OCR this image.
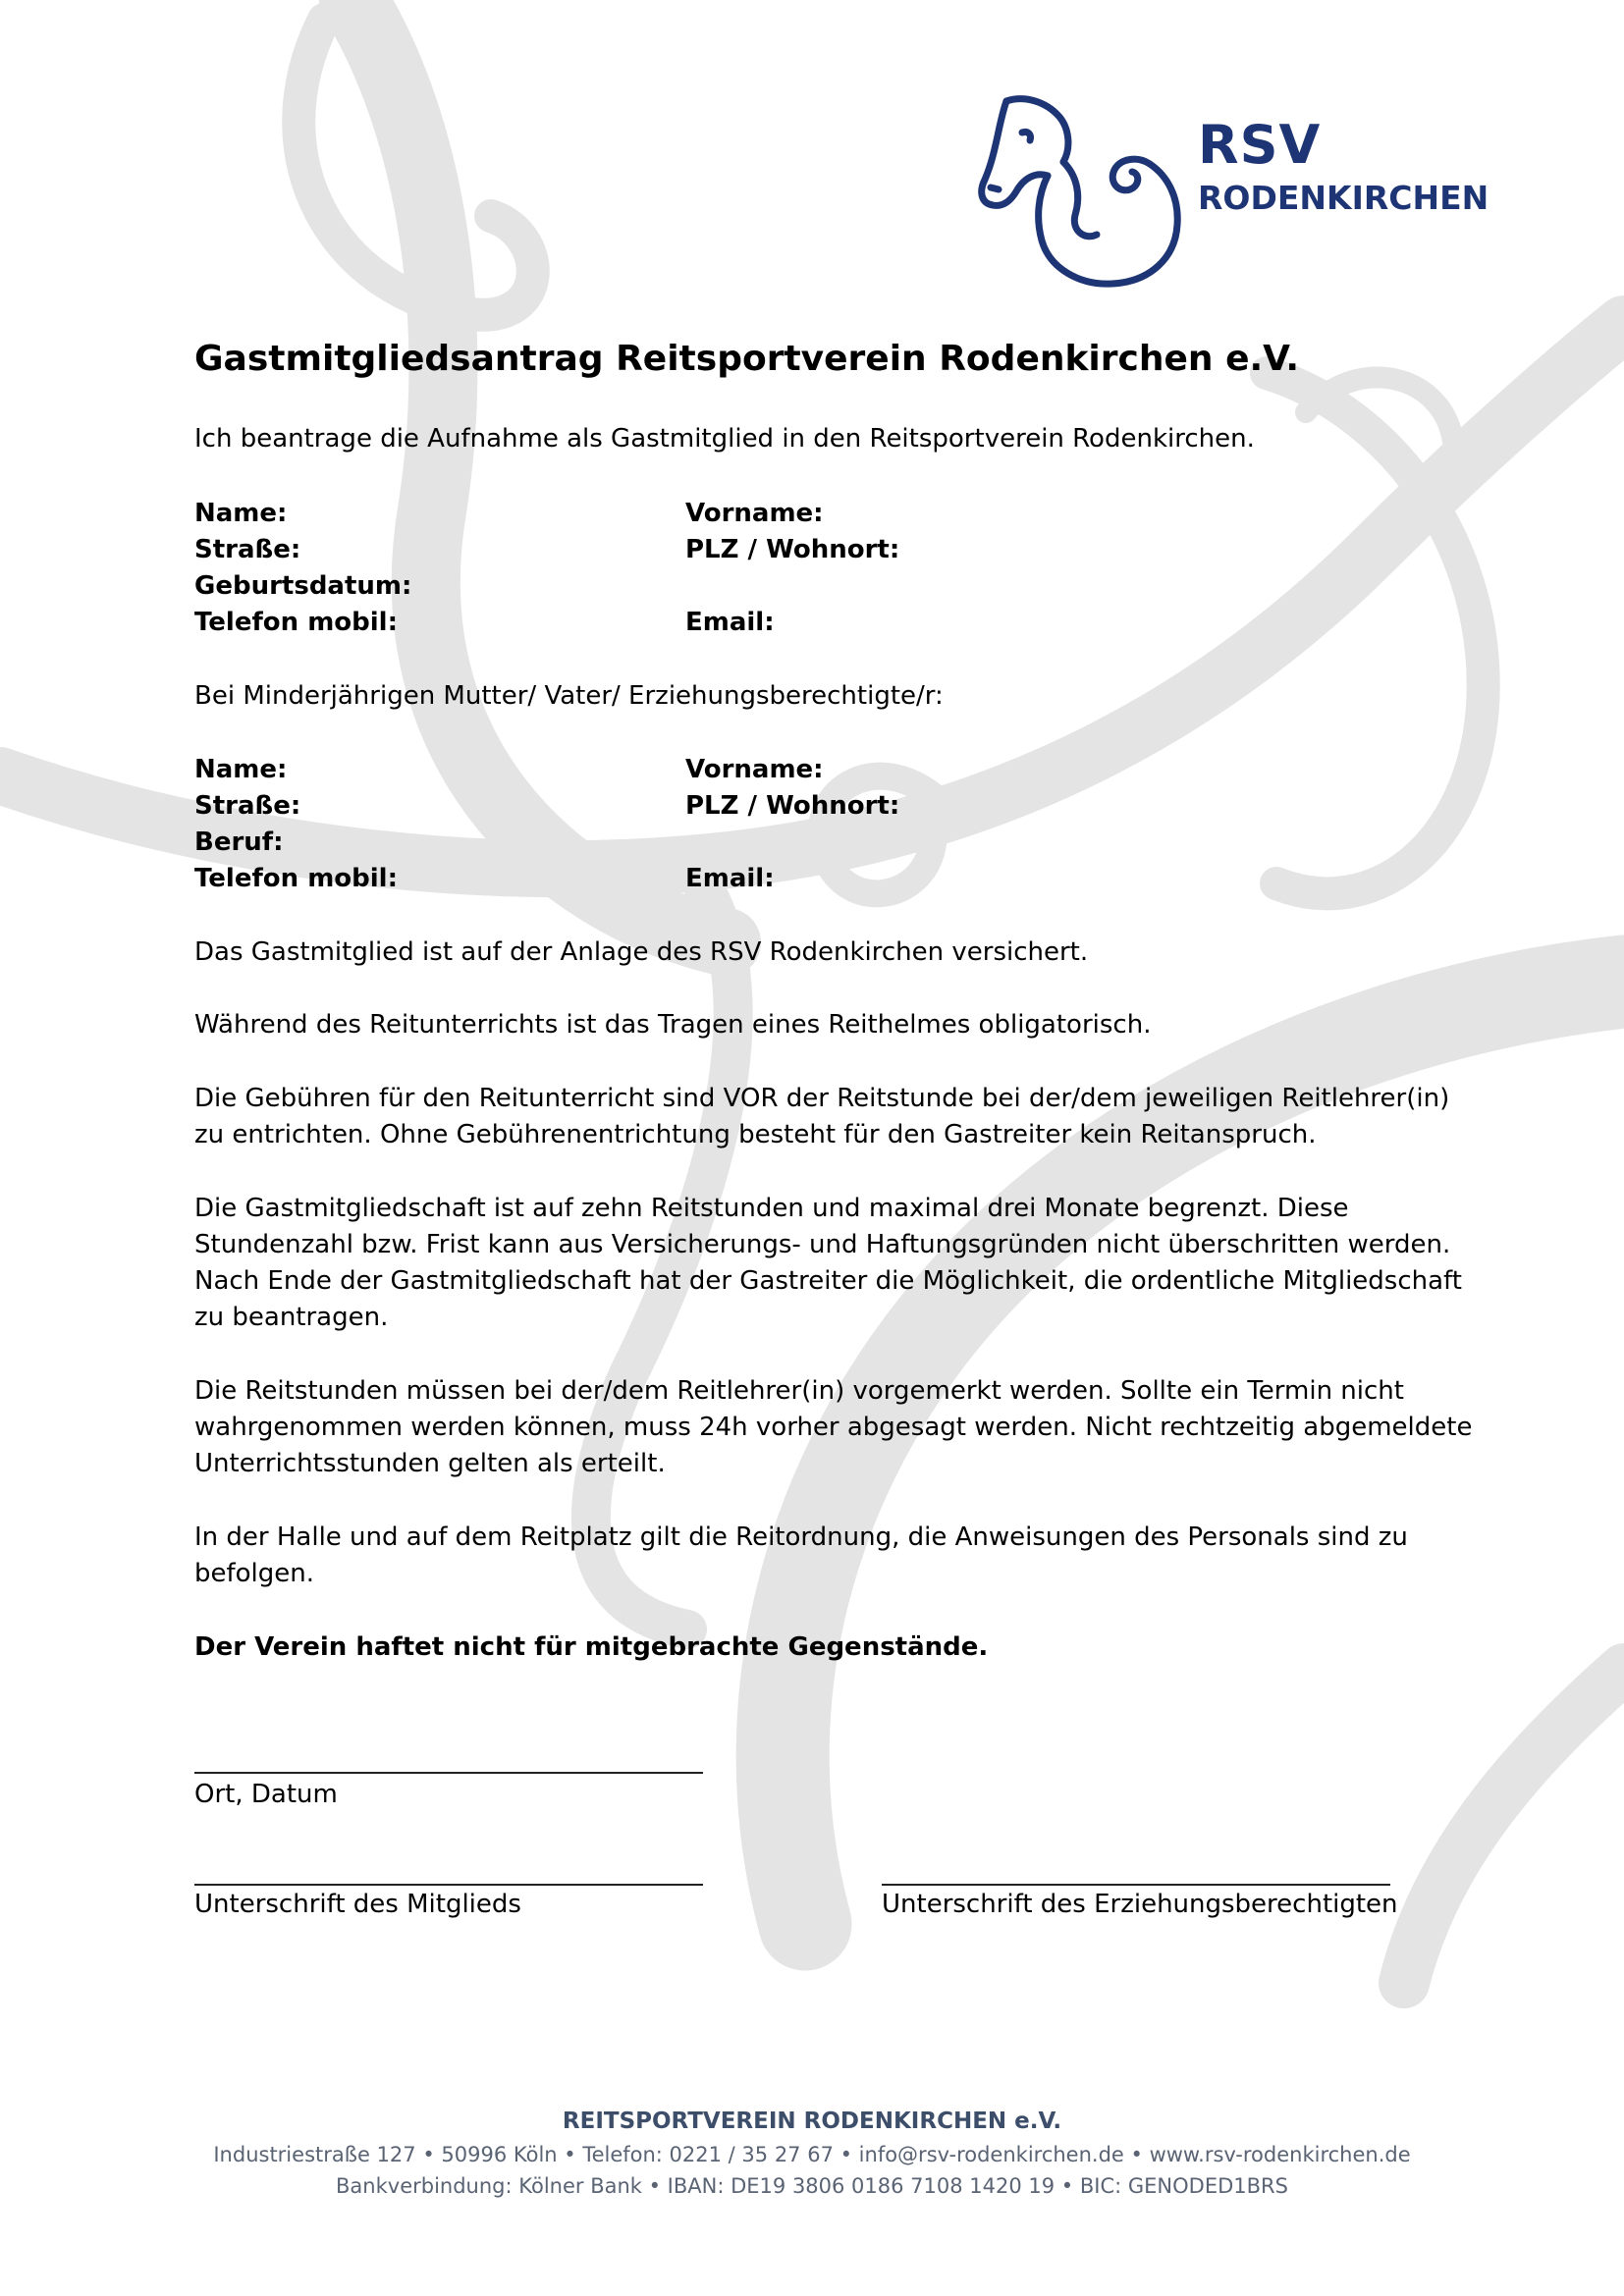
RSV
RODENKIRCHEN
Gastmitgliedsantrag Reitsportverein Rodenkirchen e.V.
Ich beantrage die Aufnahme als Gastmitglied in den Reitsportverein Rodenkirchen.
Name:	Vorname:
Straße:	PLZ / Wohnort:
Geburtsdatum:
Telefon mobil:	Email:
Bei Minderjährigen Mutter/ Vater/ Erziehungsberechtigte/r:
Name:	Vorname:
Straße:	PLZ / Wohnort:
Beruf:
Telefon mobil:	Email:
Das Gastmitglied ist auf der Anlage des RSV Rodenkirchen versichert.
Während des Reitunterrichts ist das Tragen eines Reithelmes obligatorisch.
Die Gebühren für den Reitunterricht sind VOR der Reitstunde bei der/dem jeweiligen Reitlehrer(in)
zu entrichten. Ohne Gebührenentrichtung besteht für den Gastreiter kein Reitanspruch.
Die Gastmitgliedschaft ist auf zehn Reitstunden und maximal drei Monate begrenzt. Diese
Stundenzahl bzw. Frist kann aus Versicherungs- und Haftungsgründen nicht überschritten werden.
Nach Ende der Gastmitgliedschaft hat der Gastreiter die Möglichkeit, die ordentliche Mitgliedschaft
zu beantragen.
Die Reitstunden müssen bei der/dem Reitlehrer(in) vorgemerkt werden. Sollte ein Termin nicht
wahrgenommen werden können, muss 24h vorher abgesagt werden. Nicht rechtzeitig abgemeldete
Unterrichtsstunden gelten als erteilt.
In der Halle und auf dem Reitplatz gilt die Reitordnung, die Anweisungen des Personals sind zu
befolgen.
Der Verein haftet nicht für mitgebrachte Gegenstände.
Ort, Datum
Unterschrift des Mitglieds	Unterschrift des Erziehungsberechtigten
REITSPORTVEREIN RODENKIRCHEN e.V.
Industriestraße 127 • 50996 Köln • Telefon: 0221 / 35 27 67 • info@rsv-rodenkirchen.de • www.rsv-rodenkirchen.de
Bankverbindung: Kölner Bank • IBAN: DE19 3806 0186 7108 1420 19 • BIC: GENODED1BRS
